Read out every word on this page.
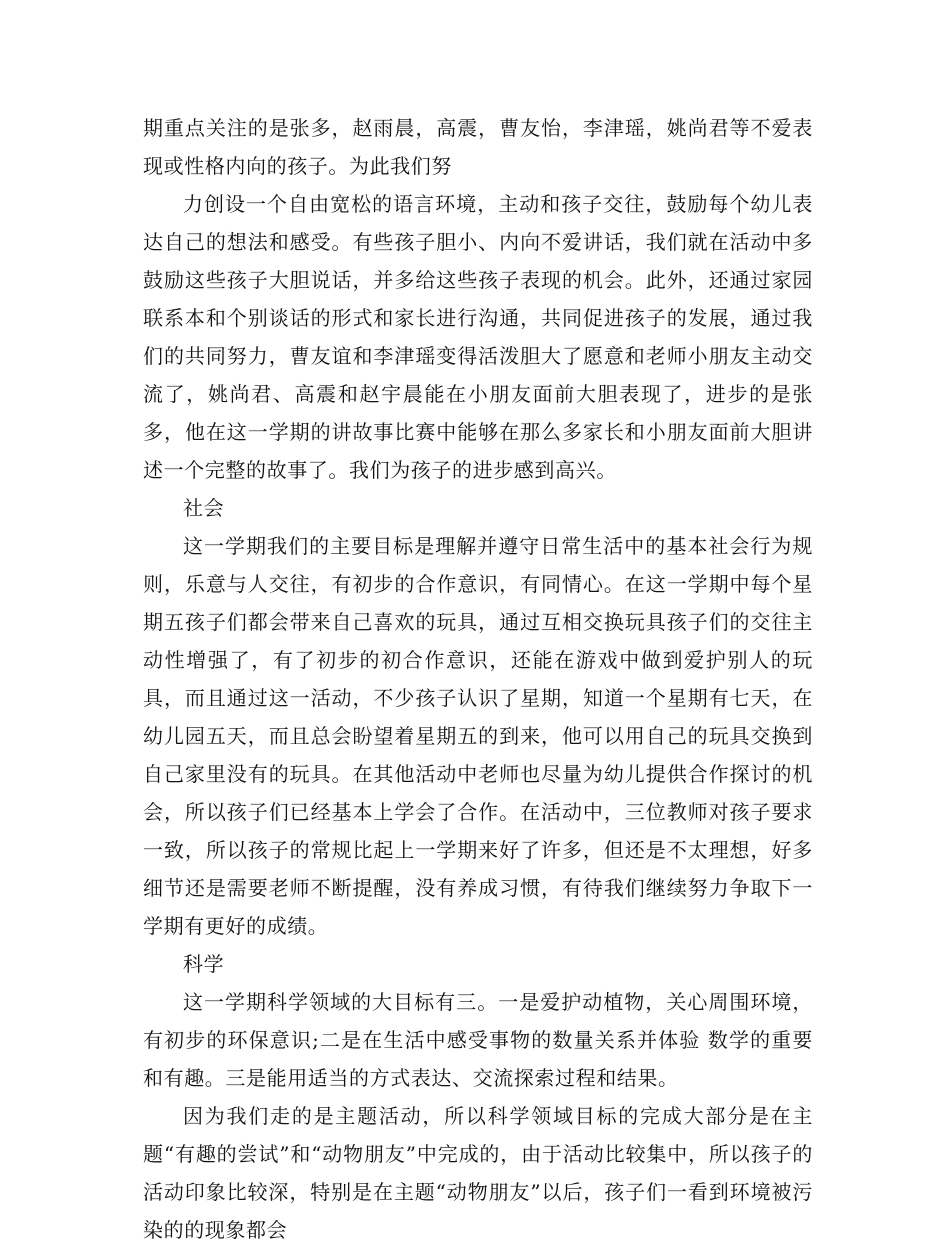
期重点关注的是张多，赵雨晨，高震，曹友怡，李津瑶，姚尚君等不爱表现或性格内向的孩子。为此我们努

力创设一个自由宽松的语言环境，主动和孩子交往，鼓励每个幼儿表达自己的想法和感受。有些孩子胆小、内向不爱讲话，我们就在活动中多鼓励这些孩子大胆说话，并多给这些孩子表现的机会。此外，还通过家园联系本和个别谈话的形式和家长进行沟通，共同促进孩子的发展，通过我们的共同努力，曹友谊和李津瑶变得活泼胆大了愿意和老师小朋友主动交流了，姚尚君、高震和赵宇晨能在小朋友面前大胆表现了，进步的是张多，他在这一学期的讲故事比赛中能够在那么多家长和小朋友面前大胆讲述一个完整的故事了。我们为孩子的进步感到高兴。

社会

这一学期我们的主要目标是理解并遵守日常生活中的基本社会行为规则，乐意与人交往，有初步的合作意识，有同情心。在这一学期中每个星期五孩子们都会带来自己喜欢的玩具，通过互相交换玩具孩子们的交往主动性增强了，有了初步的初合作意识，还能在游戏中做到爱护别人的玩具，而且通过这一活动，不少孩子认识了星期，知道一个星期有七天，在幼儿园五天，而且总会盼望着星期五的到来，他可以用自己的玩具交换到自己家里没有的玩具。在其他活动中老师也尽量为幼儿提供合作探讨的机会，所以孩子们已经基本上学会了合作。在活动中，三位教师对孩子要求一致，所以孩子的常规比起上一学期来好了许多，但还是不太理想，好多细节还是需要老师不断提醒，没有养成习惯，有待我们继续努力争取下一学期有更好的成绩。

科学

这一学期科学领域的大目标有三。一是爱护动植物，关心周围环境，有初步的环保意识;二是在生活中感受事物的数量关系并体验 数学的重要和有趣。三是能用适当的方式表达、交流探索过程和结果。

因为我们走的是主题活动，所以科学领域目标的完成大部分是在主题“有趣的尝试”和“动物朋友”中完成的，由于活动比较集中，所以孩子的活动印象比较深，特别是在主题“动物朋友”以后，孩子们一看到环境被污染的的现象都会
